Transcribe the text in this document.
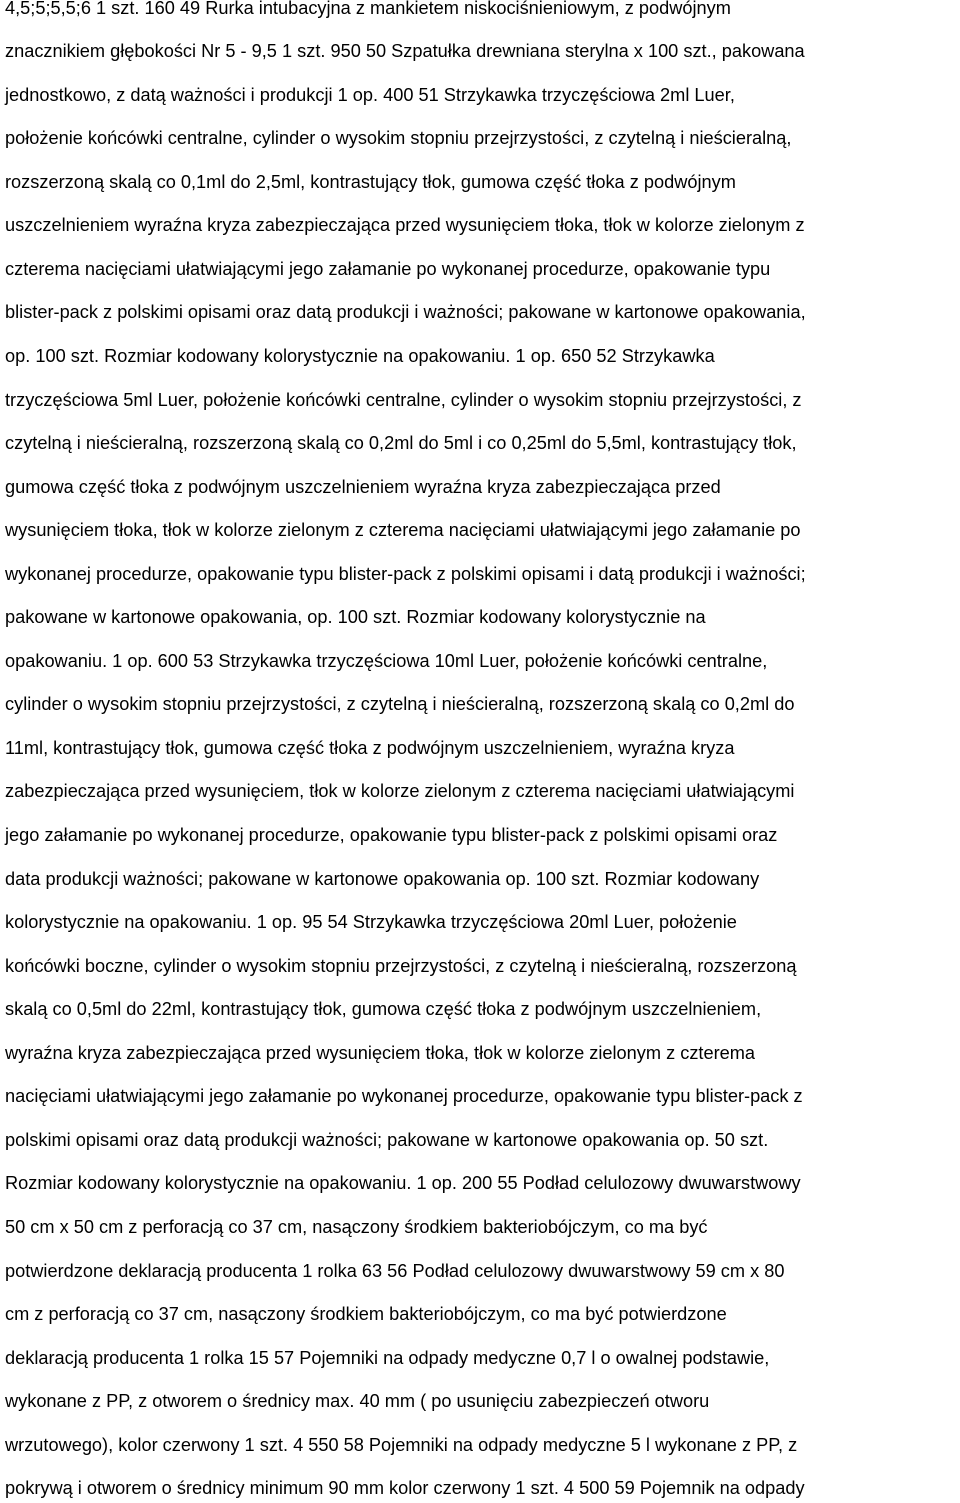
4,5;5;5,5;6 1 szt. 160 49 Rurka intubacyjna z mankietem niskociśnieniowym, z podwójnym
znacznikiem głębokości Nr 5 - 9,5 1 szt. 950 50 Szpatułka drewniana sterylna x 100 szt., pakowana
jednostkowo, z datą ważności i produkcji 1 op. 400 51 Strzykawka trzyczęściowa 2ml Luer,
położenie końcówki centralne, cylinder o wysokim stopniu przejrzystości, z czytelną i nieścieralną,
rozszerzoną skalą co 0,1ml do 2,5ml, kontrastujący tłok, gumowa część tłoka z podwójnym
uszczelnieniem wyraźna kryza zabezpieczająca przed wysunięciem tłoka, tłok w kolorze zielonym z
czterema nacięciami ułatwiającymi jego załamanie po wykonanej procedurze, opakowanie typu
blister-pack z polskimi opisami oraz datą produkcji i ważności; pakowane w kartonowe opakowania,
op. 100 szt. Rozmiar kodowany kolorystycznie na opakowaniu. 1 op. 650 52 Strzykawka
trzyczęściowa 5ml Luer, położenie końcówki centralne, cylinder o wysokim stopniu przejrzystości, z
czytelną i nieścieralną, rozszerzoną skalą co 0,2ml do 5ml i co 0,25ml do 5,5ml, kontrastujący tłok,
gumowa część tłoka z podwójnym uszczelnieniem wyraźna kryza zabezpieczająca przed
wysunięciem tłoka, tłok w kolorze zielonym z czterema nacięciami ułatwiającymi jego załamanie po
wykonanej procedurze, opakowanie typu blister-pack z polskimi opisami i datą produkcji i ważności;
pakowane w kartonowe opakowania, op. 100 szt. Rozmiar kodowany kolorystycznie na
opakowaniu. 1 op. 600 53 Strzykawka trzyczęściowa 10ml Luer, położenie końcówki centralne,
cylinder o wysokim stopniu przejrzystości, z czytelną i nieścieralną, rozszerzoną skalą co 0,2ml do
11ml, kontrastujący tłok, gumowa część tłoka z podwójnym uszczelnieniem, wyraźna kryza
zabezpieczająca przed wysunięciem, tłok w kolorze zielonym z czterema nacięciami ułatwiającymi
jego załamanie po wykonanej procedurze, opakowanie typu blister-pack z polskimi opisami oraz
data produkcji ważności; pakowane w kartonowe opakowania op. 100 szt. Rozmiar kodowany
kolorystycznie na opakowaniu. 1 op. 95 54 Strzykawka trzyczęściowa 20ml Luer, położenie
końcówki boczne, cylinder o wysokim stopniu przejrzystości, z czytelną i nieścieralną, rozszerzoną
skalą co 0,5ml do 22ml, kontrastujący tłok, gumowa część tłoka z podwójnym uszczelnieniem,
wyraźna kryza zabezpieczająca przed wysunięciem tłoka, tłok w kolorze zielonym z czterema
nacięciami ułatwiającymi jego załamanie po wykonanej procedurze, opakowanie typu blister-pack z
polskimi opisami oraz datą produkcji ważności; pakowane w kartonowe opakowania op. 50 szt.
Rozmiar kodowany kolorystycznie na opakowaniu. 1 op. 200 55 Podład celulozowy dwuwarstwowy
50 cm x 50 cm z perforacją co 37 cm, nasączony środkiem bakteriobójczym, co ma być
potwierdzone deklaracją producenta 1 rolka 63 56 Podład celulozowy dwuwarstwowy 59 cm x 80
cm z perforacją co 37 cm, nasączony środkiem bakteriobójczym, co ma być potwierdzone
deklaracją producenta 1 rolka 15 57 Pojemniki na odpady medyczne 0,7 l o owalnej podstawie,
wykonane z PP, z otworem o średnicy max. 40 mm ( po usunięciu zabezpieczeń otworu
wrzutowego), kolor czerwony 1 szt. 4 550 58 Pojemniki na odpady medyczne 5 l wykonane z PP, z
pokrywą i otworem o średnicy minimum 90 mm kolor czerwony 1 szt. 4 500 59 Pojemnik na odpady
